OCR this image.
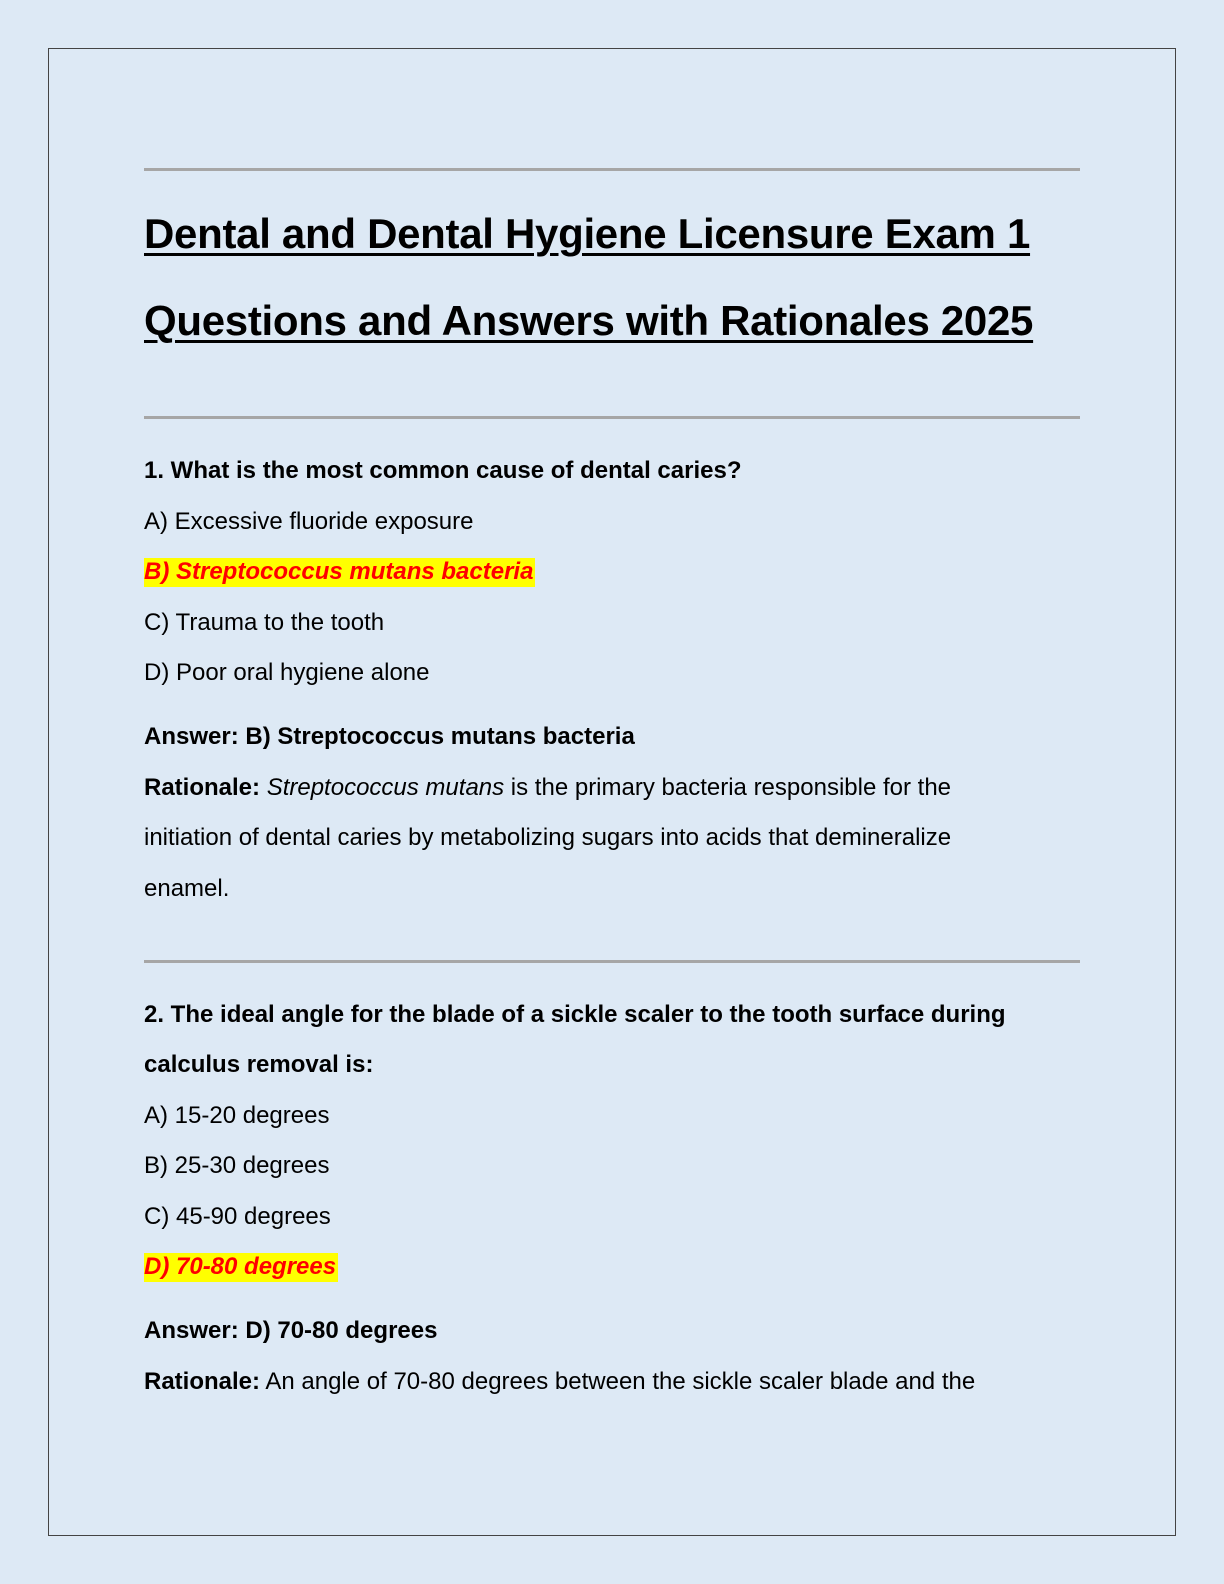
Dental and Dental Hygiene Licensure Exam 1
Questions and Answers with Rationales 2025
1. What is the most common cause of dental caries?
A) Excessive fluoride exposure
B) Streptococcus mutans bacteria
C) Trauma to the tooth
D) Poor oral hygiene alone
Answer: B) Streptococcus mutans bacteria
Rationale: Streptococcus mutans is the primary bacteria responsible for the
initiation of dental caries by metabolizing sugars into acids that demineralize
enamel.
2. The ideal angle for the blade of a sickle scaler to the tooth surface during
calculus removal is:
A) 15-20 degrees
B) 25-30 degrees
C) 45-90 degrees
D) 70-80 degrees
Answer: D) 70-80 degrees
Rationale: An angle of 70-80 degrees between the sickle scaler blade and the
